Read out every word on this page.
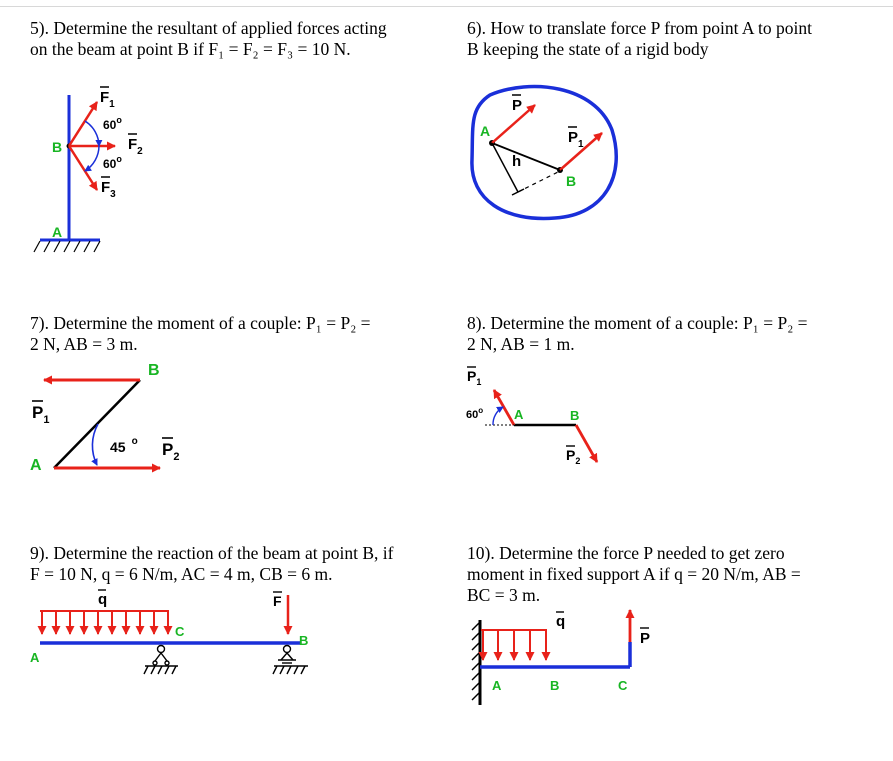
5). Determine the resultant of applied forces acting
on the beam at point B if F₁ = F₂ = F₃ = 10 N.
6). How to translate force P from point A to point
B keeping the state of a rigid body
7). Determine the moment of a couple: P₁ = P₂ =
2 N, AB = 3 m.
8). Determine the moment of a couple: P₁ = P₂ =
2 N, AB = 1 m.
9). Determine the reaction of the beam at point B, if
F = 10 N, q = 6 N/m, AC = 4 m, CB = 6 m.
10). Determine the force P needed to get zero
moment in fixed support A if q = 20 N/m, AB =
BC = 3 m.
B
A
$F_1$
60$^o$
$F_2$
60$^o$
$F_3$
A
B
P
$P_1$
h
B
A
$P_1$
45 $^o$ $P_2$
A	B
$P_1$
60$^o$
$P_2$
A
C
B
q	F
A	B	C
q
P
